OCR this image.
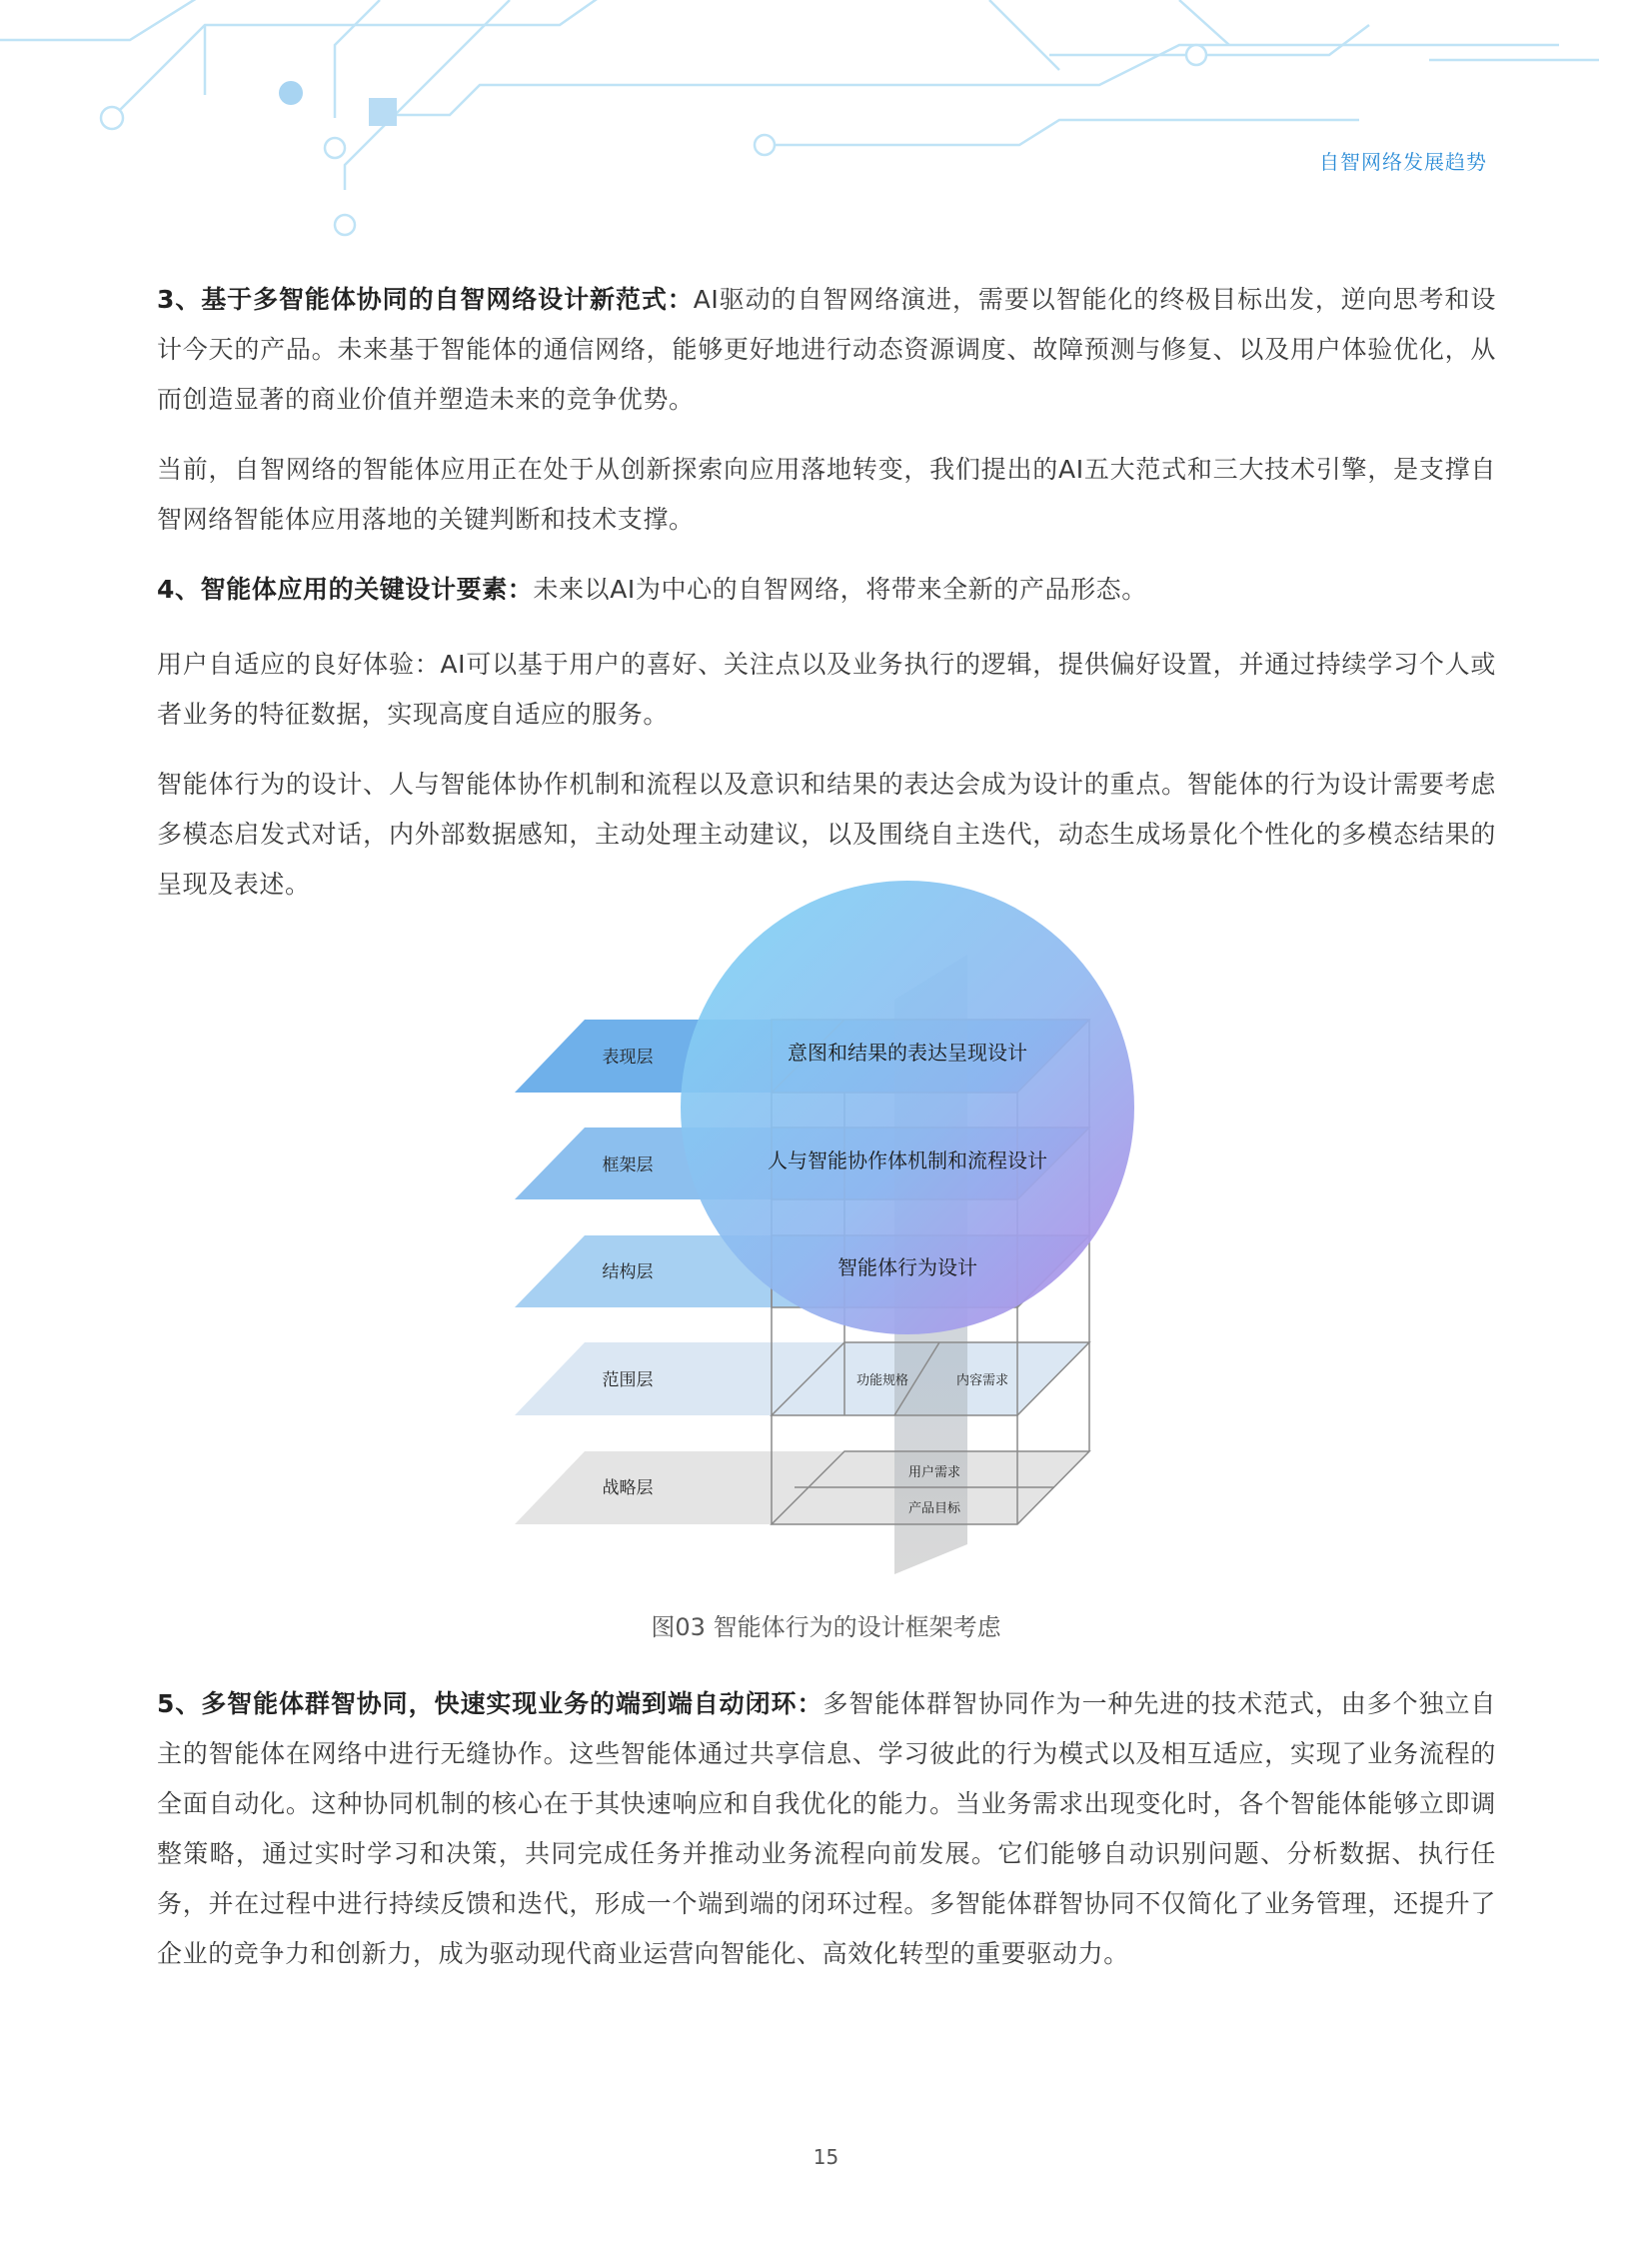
自智网络发展趋势

3、基于多智能体协同的自智网络设计新范式：AI驱动的自智网络演进，需要以智能化的终极目标出发，逆向思考和设计今天的产品。未来基于智能体的通信网络，能够更好地进行动态资源调度、故障预测与修复、以及用户体验优化，从而创造显著的商业价值并塑造未来的竞争优势。

当前，自智网络的智能体应用正在处于从创新探索向应用落地转变，我们提出的AI五大范式和三大技术引擎，是支撑自智网络智能体应用落地的关键判断和技术支撑。

4、智能体应用的关键设计要素：未来以AI为中心的自智网络，将带来全新的产品形态。

用户自适应的良好体验：AI可以基于用户的喜好、关注点以及业务执行的逻辑，提供偏好设置，并通过持续学习个人或者业务的特征数据，实现高度自适应的服务。

智能体行为的设计、人与智能体协作机制和流程以及意识和结果的表达会成为设计的重点。智能体的行为设计需要考虑多模态启发式对话，内外部数据感知，主动处理主动建议，以及围绕自主迭代，动态生成场景化个性化的多模态结果的呈现及表述。

表现层
框架层
结构层
范围层
战略层
意图和结果的表达呈现设计
人与智能协作体机制和流程设计
智能体行为设计
功能规格	内容需求
用户需求
产品目标
图03 智能体行为的设计框架考虑

5、多智能体群智协同，快速实现业务的端到端自动闭环：多智能体群智协同作为一种先进的技术范式，由多个独立自主的智能体在网络中进行无缝协作。这些智能体通过共享信息、学习彼此的行为模式以及相互适应，实现了业务流程的全面自动化。这种协同机制的核心在于其快速响应和自我优化的能力。当业务需求出现变化时，各个智能体能够立即调整策略，通过实时学习和决策，共同完成任务并推动业务流程向前发展。它们能够自动识别问题、分析数据、执行任务，并在过程中进行持续反馈和迭代，形成一个端到端的闭环过程。多智能体群智协同不仅简化了业务管理，还提升了企业的竞争力和创新力，成为驱动现代商业运营向智能化、高效化转型的重要驱动力。

15
